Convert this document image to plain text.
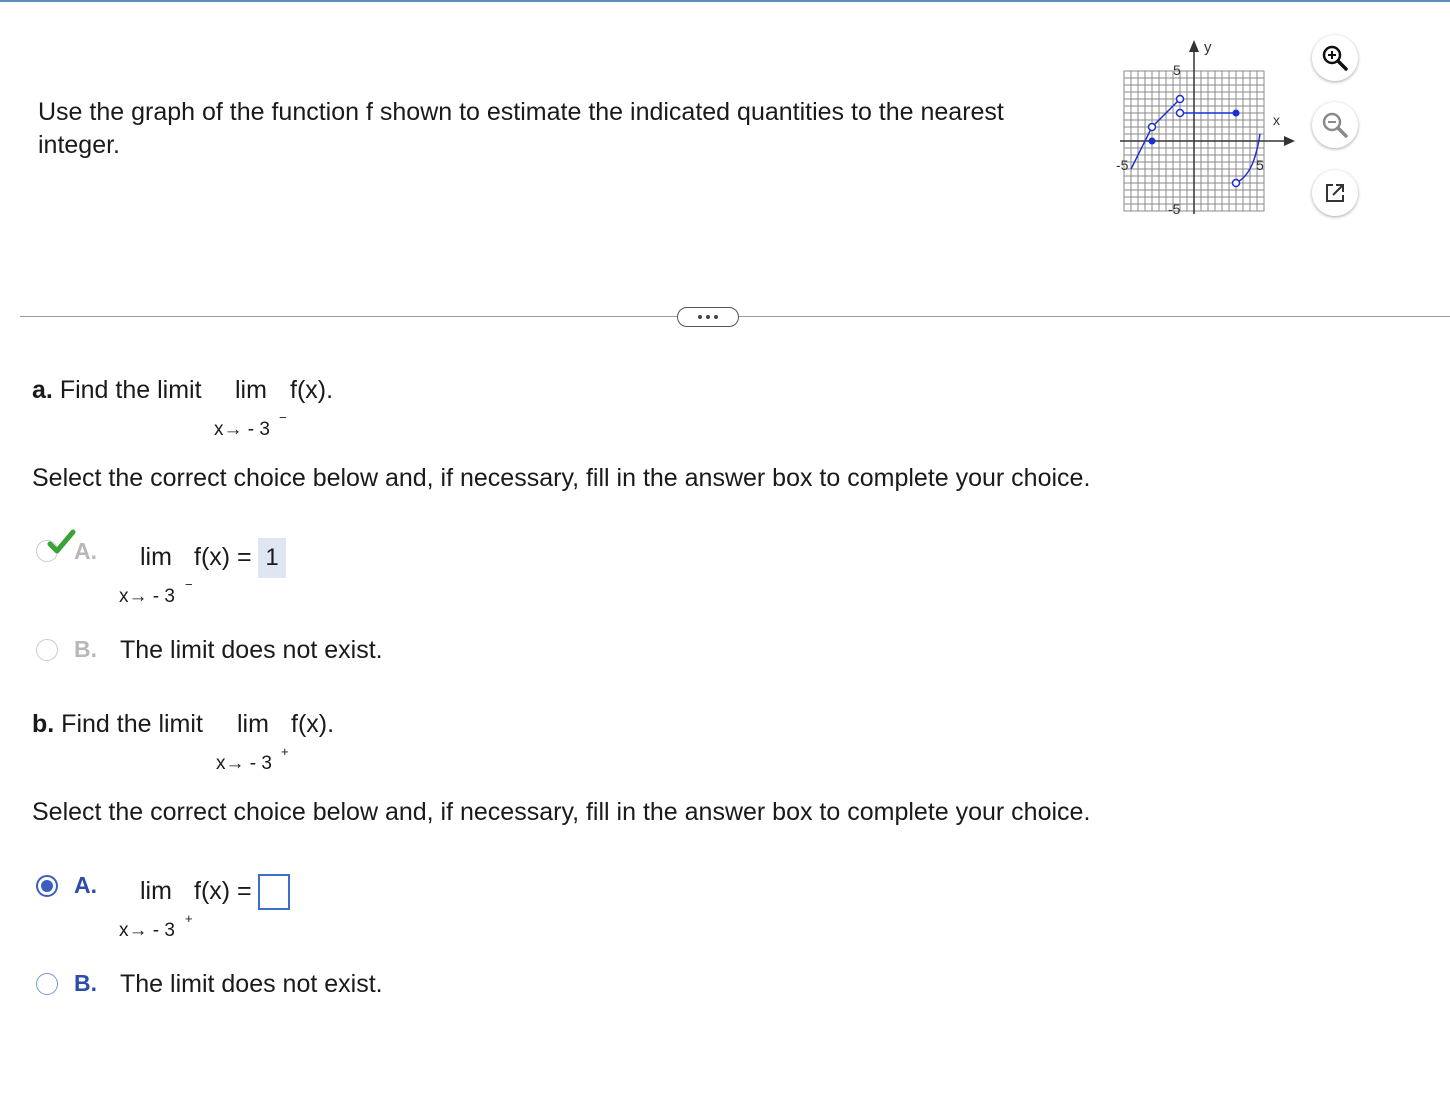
Use the graph of the function f shown to estimate the indicated quantities to the nearest integer.
y
x
5
-5
-5	5
a. Find the limit lim f(x).
x→ - 3
−
Select the correct choice below and, if necessary, fill in the answer box to complete your choice.
A. lim f(x) = 1
x→ - 3
−
B. The limit does not exist.
b. Find the limit lim f(x).
x→ - 3
+
Select the correct choice below and, if necessary, fill in the answer box to complete your choice.
A. lim f(x) =
x→ - 3
+
B. The limit does not exist.
